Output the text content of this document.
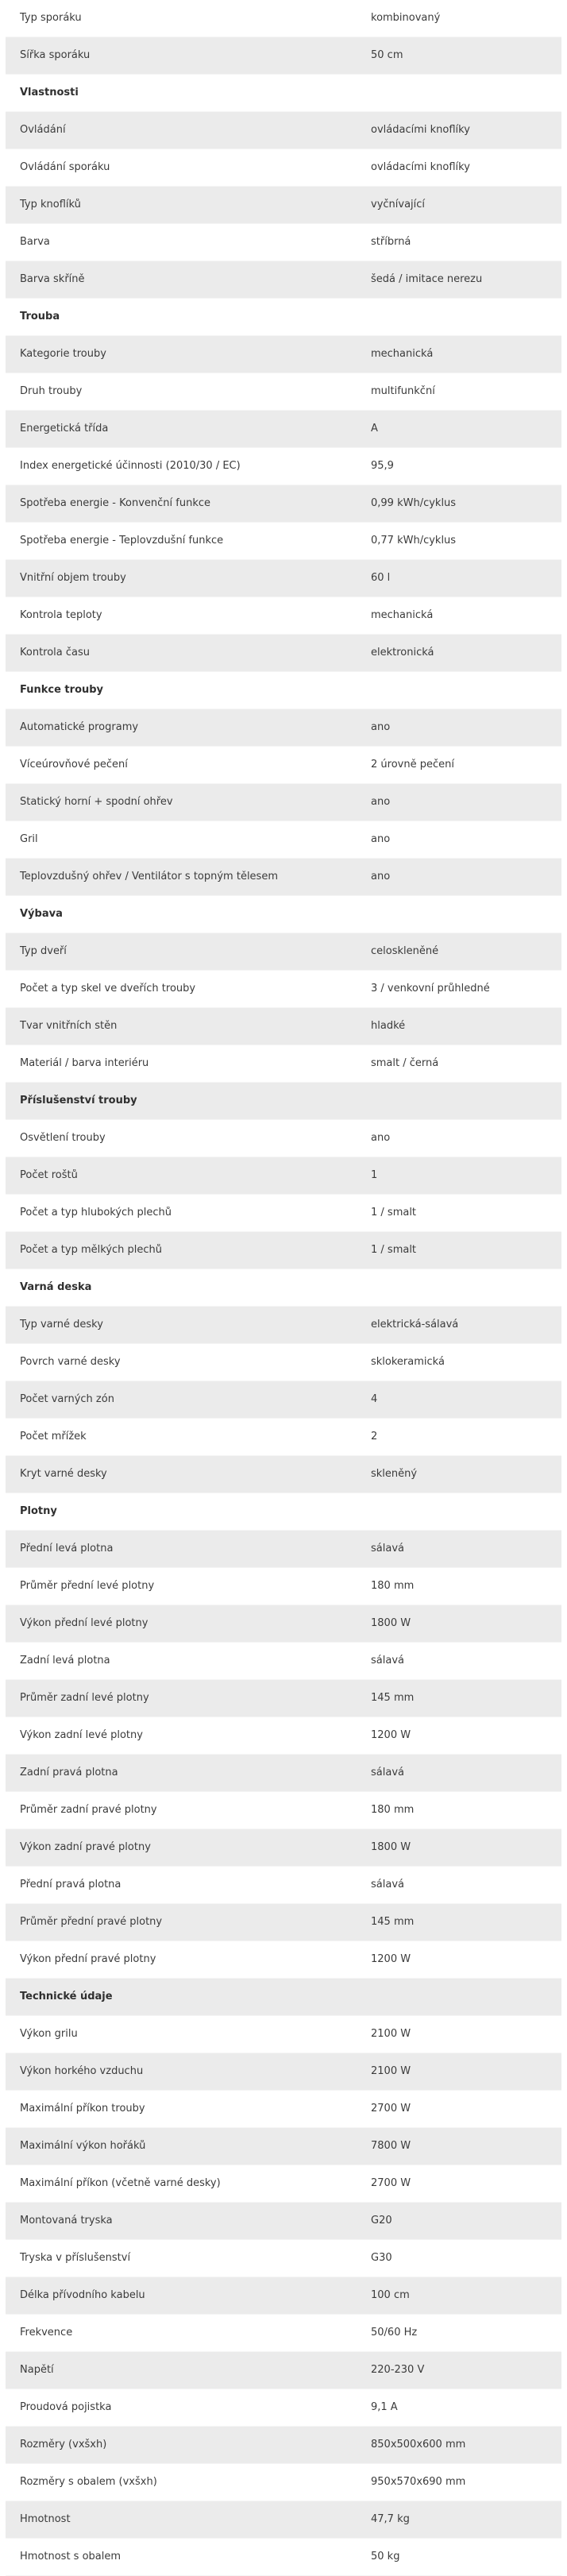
Typ sporáku	kombinovaný
Šířka sporáku	50 cm
Vlastnosti
Ovládání	ovládacími knoflíky
Ovládání sporáku	ovládacími knoflíky
Typ knoflíků	vyčnívající
Barva	stříbrná
Barva skříně	šedá / imitace nerezu
Trouba
Kategorie trouby	mechanická
Druh trouby	multifunkční
Energetická třída	A
Index energetické účinnosti (2010/30 / EC)	95,9
Spotřeba energie - Konvenční funkce	0,99 kWh/cyklus
Spotřeba energie - Teplovzdušní funkce	0,77 kWh/cyklus
Vnitřní objem trouby	60 l
Kontrola teploty	mechanická
Kontrola času	elektronická
Funkce trouby
Automatické programy	ano
Víceúrovňové pečení	2 úrovně pečení
Statický horní + spodní ohřev	ano
Gril	ano
Teplovzdušný ohřev / Ventilátor s topným tělesem	ano
Výbava
Typ dveří	celoskleněné
Počet a typ skel ve dveřích trouby	3 / venkovní průhledné
Tvar vnitřních stěn	hladké
Materiál / barva interiéru	smalt / černá
Příslušenství trouby
Osvětlení trouby	ano
Počet roštů	1
Počet a typ hlubokých plechů	1 / smalt
Počet a typ mělkých plechů	1 / smalt
Varná deska
Typ varné desky	elektrická-sálavá
Povrch varné desky	sklokeramická
Počet varných zón	4
Počet mřížek	2
Kryt varné desky	skleněný
Plotny
Přední levá plotna	sálavá
Průměr přední levé plotny	180 mm
Výkon přední levé plotny	1800 W
Zadní levá plotna	sálavá
Průměr zadní levé plotny	145 mm
Výkon zadní levé plotny	1200 W
Zadní pravá plotna	sálavá
Průměr zadní pravé plotny	180 mm
Výkon zadní pravé plotny	1800 W
Přední pravá plotna	sálavá
Průměr přední pravé plotny	145 mm
Výkon přední pravé plotny	1200 W
Technické údaje
Výkon grilu	2100 W
Výkon horkého vzduchu	2100 W
Maximální příkon trouby	2700 W
Maximální výkon hořáků	7800 W
Maximální příkon (včetně varné desky)	2700 W
Montovaná tryska	G20
Tryska v příslušenství	G30
Délka přívodního kabelu	100 cm
Frekvence	50/60 Hz
Napětí	220-230 V
Proudová pojistka	9,1 A
Rozměry (vxšxh)	850x500x600 mm
Rozměry s obalem (vxšxh)	950x570x690 mm
Hmotnost	47,7 kg
Hmotnost s obalem	50 kg
